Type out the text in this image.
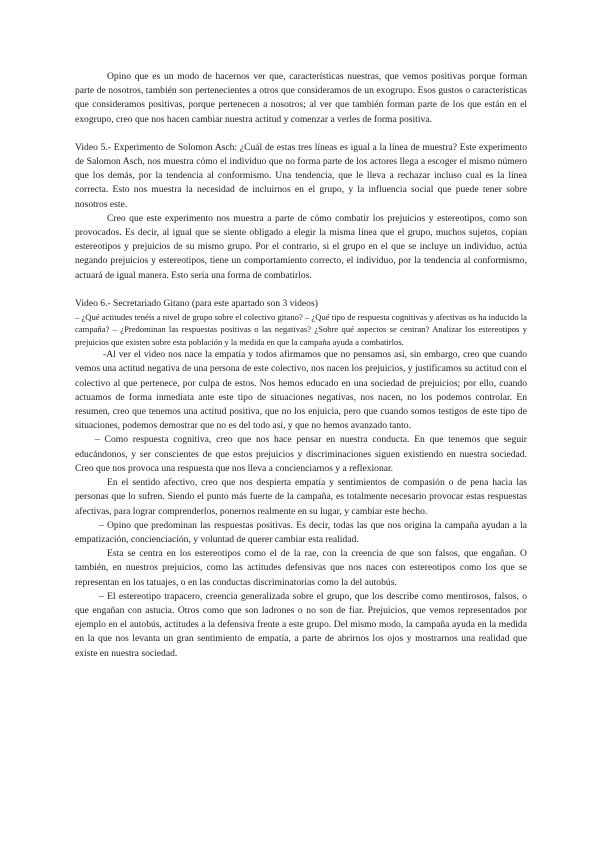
Opino que es un modo de hacernos ver que, características nuestras, que vemos positivas porque forman parte de nosotros, también son pertenecientes a otros que consideramos de un exogrupo. Esos gustos o características que consideramos positivas, porque pertenecen a nosotros; al ver que también forman parte de los que están en el exogrupo, creo que nos hacen cambiar nuestra actitud y comenzar a verles de forma positiva.

Video 5.- Experimento de Solomon Asch: ¿Cuál de estas tres líneas es igual a la línea de muestra? Este experimento de Salomon Asch, nos muestra cómo el individuo que no forma parte de los actores llega a escoger el mismo número que los demás, por la tendencia al conformismo. Una tendencia, que le lleva a rechazar incluso cual es la línea correcta. Esto nos muestra la necesidad de incluirnos en el grupo, y la influencia social que puede tener sobre nosotros este.

Creo que este experimento nos muestra a parte de cómo combatir los prejuicios y estereotipos, como son provocados. Es decir, al igual que se siente obligado a elegir la misma línea que el grupo, muchos sujetos, copian estereotipos y prejuicios de su mismo grupo. Por el contrario, si el grupo en el que se incluye un individuo, actúa negando prejuicios y estereotipos, tiene un comportamiento correcto, el individuo, por la tendencia al conformismo, actuará de igual manera. Esto sería una forma de combatirlos.

Video 6.- Secretariado Gitano (para este apartado son 3 videos)

– ¿Qué actitudes tenéis a nivel de grupo sobre el colectivo gitano? – ¿Qué tipo de respuesta cognitivas y afectivas os ha inducido la campaña? – ¿Predominan las respuestas positivas o las negativas? ¿Sobre qué aspectos se centran? Analizar los estereotipos y prejuicios que existen sobre esta población y la medida en que la campaña ayuda a combatirlos.

-Al ver el video nos nace la empatía y todos afirmamos que no pensamos así, sin embargo, creo que cuando vemos una actitud negativa de una persona de este colectivo, nos nacen los prejuicios, y justificamos su actitud con el colectivo al que pertenece, por culpa de estos. Nos hemos educado en una sociedad de prejuicios; por ello, cuando actuamos de forma inmediata ante este tipo de situaciones negativas, nos nacen, no los podemos controlar. En resumen, creo que tenemos una actitud positiva, que no los enjuicia, pero que cuando somos testigos de este tipo de situaciones, podemos demostrar que no es del todo así, y que no hemos avanzado tanto.

– Como respuesta cognitiva, creo que nos hace pensar en nuestra conducta. En que tenemos que seguir educándonos, y ser conscientes de que estos prejuicios y discriminaciones siguen existiendo en nuestra sociedad. Creo que nos provoca una respuesta que nos lleva a concienciarnos y a reflexionar.

En el sentido afectivo, creo que nos despierta empatía y sentimientos de compasión o de pena hacia las personas que lo sufren. Siendo el punto más fuerte de la campaña, es totalmente necesario provocar estas respuestas afectivas, para lograr comprenderlos, ponernos realmente en su lugar, y cambiar este hecho.

– Opino que predominan las respuestas positivas. Es decir, todas las que nos origina la campaña ayudan a la empatización, concienciación, y voluntad de querer cambiar esta realidad.

Esta se centra en los estereotipos como el de la rae, con la creencia de que son falsos, que engañan. O también, en nuestros prejuicios, como las actitudes defensivas que nos naces con estereotipos como los que se representan en los tatuajes, o en las conductas discriminatorias como la del autobús.

– El estereotipo trapacero, creencia generalizada sobre el grupo, que los describe como mentirosos, falsos, o que engañan con astucia. Otros como que son ladrones o no son de fiar. Prejuicios, que vemos representados por ejemplo en el autobús, actitudes a la defensiva frente a este grupo. Del mismo modo, la campaña ayuda en la medida en la que nos levanta un gran sentimiento de empatía, a parte de abrirnos los ojos y mostrarnos una realidad que existe en nuestra sociedad.
